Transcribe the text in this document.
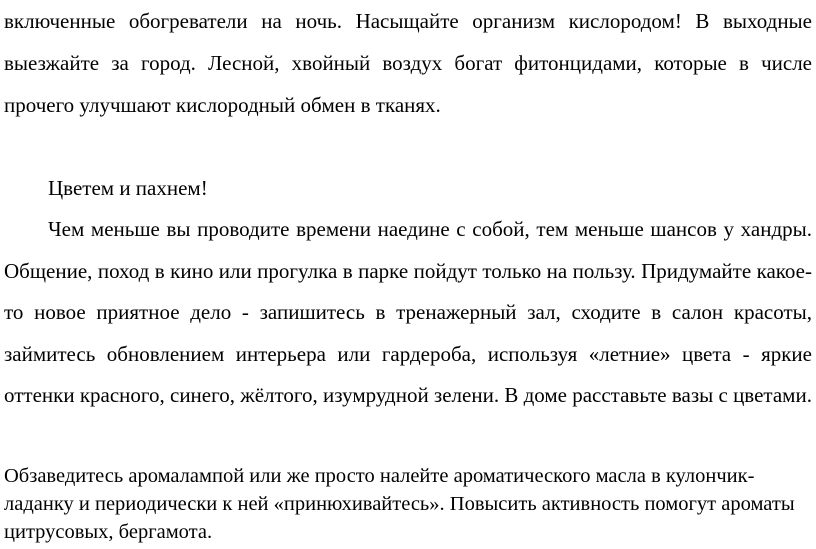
включенные обогреватели на ночь. Насыщайте организм кислородом! В выходные выезжайте за город. Лесной, хвойный воздух богат фитонцидами, которые в числе прочего улучшают кислородный обмен в тканях.

Цветем и пахнем!

Чем меньше вы проводите времени наедине с собой, тем меньше шансов у хандры. Общение, поход в кино или прогулка в парке пойдут только на пользу. Придумайте какое-то новое приятное дело - запишитесь в тренажерный зал, сходите в салон красоты, займитесь обновлением интерьера или гардероба, используя «летние» цвета - яркие оттенки красного, синего, жёлтого, изумрудной зелени. В доме расставьте вазы с цветами.

Обзаведитесь аромалампой или же просто налейте ароматического масла в кулончик-ладанку и периодически к ней «принюхивайтесь». Повысить активность помогут ароматы цитрусовых, бергамота.
